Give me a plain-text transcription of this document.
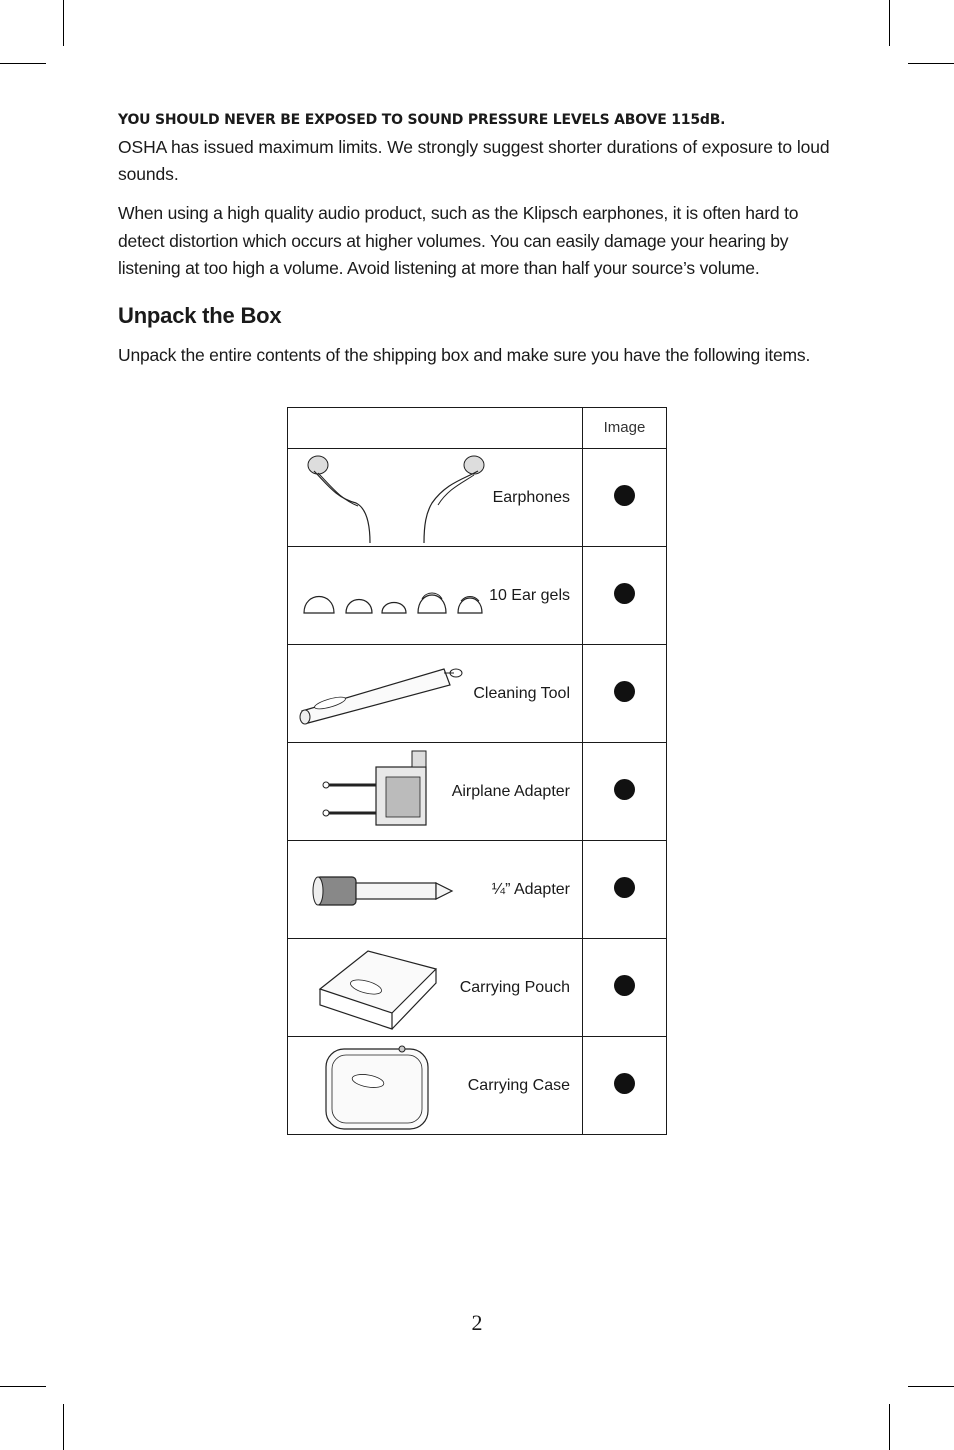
YOU SHOULD NEVER BE EXPOSED TO SOUND PRESSURE LEVELS ABOVE 115dB.

OSHA has issued maximum limits. We strongly suggest shorter durations of exposure to loud sounds.

When using a high quality audio product, such as the Klipsch earphones, it is often hard to detect distortion which occurs at higher volumes. You can easily damage your hearing by listening at too high a volume. Avoid listening at more than half your source’s volume.

Unpack the Box

Unpack the entire contents of the shipping box and make sure you have the following items.

	Image

Earphones	

10 Ear gels	

Cleaning Tool	

Airplane Adapter	

¼” Adapter	

Carrying Pouch	

Carrying Case	

2
